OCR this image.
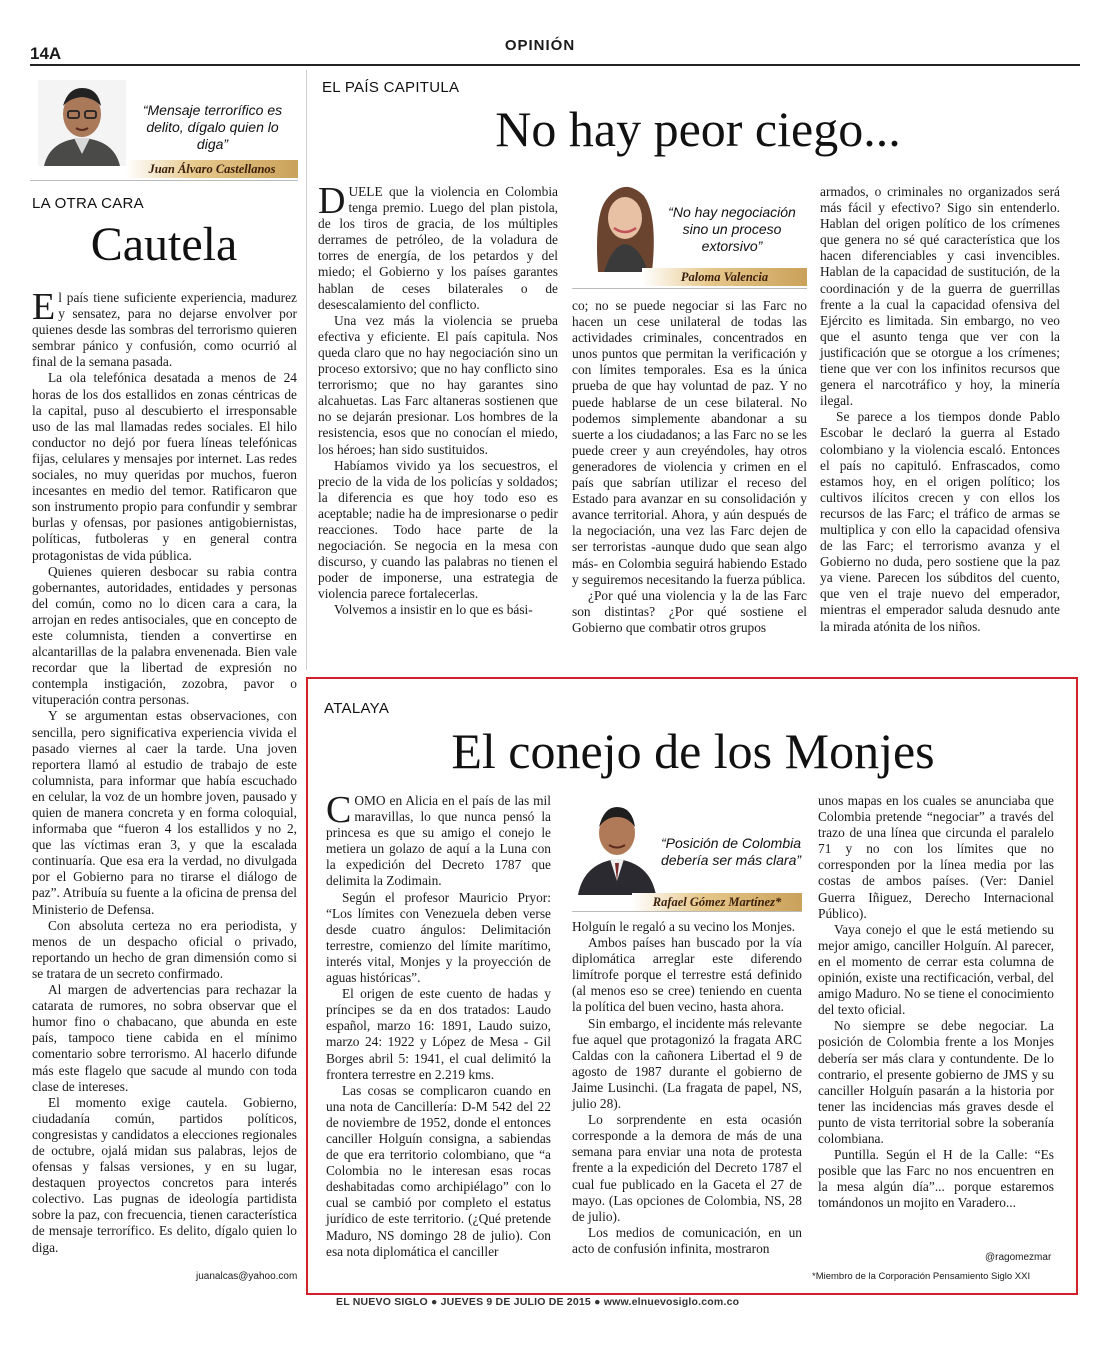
14A	OPINIÓN
“Mensaje terrorífico es delito, dígalo quien lo diga”
Juan Álvaro Castellanos
LA OTRA CARA
Cautela

El país tiene suficiente experiencia, madurez y sensatez, para no dejarse envolver por quienes desde las sombras del terrorismo quieren sembrar pánico y confusión, como ocurrió al final de la semana pasada.

La ola telefónica desatada a menos de 24 horas de los dos estallidos en zonas céntricas de la capital, puso al descubierto el irresponsable uso de las mal llamadas redes sociales. El hilo conductor no dejó por fuera líneas telefónicas fijas, celulares y mensajes por internet. Las redes sociales, no muy queridas por muchos, fueron incesantes en medio del temor. Ratificaron que son instrumento propio para confundir y sembrar burlas y ofensas, por pasiones antigobiernistas, políticas, futboleras y en general contra protagonistas de vida pública.

Quienes quieren desbocar su rabia contra gobernantes, autoridades, entidades y personas del común, como no lo dicen cara a cara, la arrojan en redes antisociales, que en concepto de este columnista, tienden a convertirse en alcantarillas de la palabra envenenada. Bien vale recordar que la libertad de expresión no contempla instigación, zozobra, pavor o vituperación contra personas.

Y se argumentan estas observaciones, con sencilla, pero significativa experiencia vivida el pasado viernes al caer la tarde. Una joven reportera llamó al estudio de trabajo de este columnista, para informar que había escuchado en celular, la voz de un hombre joven, pausado y quien de manera concreta y en forma coloquial, informaba que “fueron 4 los estallidos y no 2, que las víctimas eran 3, y que la escalada continuaría. Que esa era la verdad, no divulgada por el Gobierno para no tirarse el diálogo de paz”. Atribuía su fuente a la oficina de prensa del Ministerio de Defensa.

Con absoluta certeza no era periodista, y menos de un despacho oficial o privado, reportando un hecho de gran dimensión como si se tratara de un secreto confirmado.

Al margen de advertencias para rechazar la catarata de rumores, no sobra observar que el humor fino o chabacano, que abunda en este país, tampoco tiene cabida en el mínimo comentario sobre terrorismo. Al hacerlo difunde más este flagelo que sacude al mundo con toda clase de intereses.

El momento exige cautela. Gobierno, ciudadanía común, partidos políticos, congresistas y candidatos a elecciones regionales de octubre, ojalá midan sus palabras, lejos de ofensas y falsas versiones, y en su lugar, destaquen proyectos concretos para interés colectivo. Las pugnas de ideología partidista sobre la paz, con frecuencia, tienen característica de mensaje terrorífico. Es delito, dígalo quien lo diga.

juanalcas@yahoo.com
EL PAÍS CAPITULA
No hay peor ciego...

DUELE que la violencia en Colombia tenga premio. Luego del plan pistola, de los tiros de gracia, de los múltiples derrames de petróleo, de la voladura de torres de energía, de los petardos y del miedo; el Gobierno y los países garantes hablan de ceses bilaterales o de desescalamiento del conflicto.

Una vez más la violencia se prueba efectiva y eficiente. El país capitula. Nos queda claro que no hay negociación sino un proceso extorsivo; que no hay conflicto sino terrorismo; que no hay garantes sino alcahuetas. Las Farc altaneras sostienen que no se dejarán presionar. Los hombres de la resistencia, esos que no conocían el miedo, los héroes; han sido sustituidos.

Habíamos vivido ya los secuestros, el precio de la vida de los policías y soldados; la diferencia es que hoy todo eso es aceptable; nadie ha de impresionarse o pedir reacciones. Todo hace parte de la negociación. Se negocia en la mesa con discurso, y cuando las palabras no tienen el poder de imponerse, una estrategia de violencia parece fortalecerlas.

Volvemos a insistir en lo que es bási-

“No hay negociación sino un proceso extorsivo”
Paloma Valencia

co; no se puede negociar si las Farc no hacen un cese unilateral de todas las actividades criminales, concentrados en unos puntos que permitan la verificación y con límites temporales. Esa es la única prueba de que hay voluntad de paz. Y no puede hablarse de un cese bilateral. No podemos simplemente abandonar a su suerte a los ciudadanos; a las Farc no se les puede creer y aun creyéndoles, hay otros generadores de violencia y crimen en el país que sabrían utilizar el receso del Estado para avanzar en su consolidación y avance territorial. Ahora, y aún después de la negociación, una vez las Farc dejen de ser terroristas -aunque dudo que sean algo más- en Colombia seguirá habiendo Estado y seguiremos necesitando la fuerza pública.

¿Por qué una violencia y la de las Farc son distintas? ¿Por qué sostiene el Gobierno que combatir otros grupos

armados, o criminales no organizados será más fácil y efectivo? Sigo sin entenderlo. Hablan del origen político de los crímenes que genera no sé qué característica que los hacen diferenciables y casi invencibles. Hablan de la capacidad de sustitución, de la coordinación y de la guerra de guerrillas frente a la cual la capacidad ofensiva del Ejército es limitada. Sin embargo, no veo que el asunto tenga que ver con la justificación que se otorgue a los crímenes; tiene que ver con los infinitos recursos que genera el narcotráfico y hoy, la minería ilegal.

Se parece a los tiempos donde Pablo Escobar le declaró la guerra al Estado colombiano y la violencia escaló. Entonces el país no capituló. Enfrascados, como estamos hoy, en el origen político; los cultivos ilícitos crecen y con ellos los recursos de las Farc; el tráfico de armas se multiplica y con ello la capacidad ofensiva de las Farc; el terrorismo avanza y el Gobierno no duda, pero sostiene que la paz ya viene. Parecen los súbditos del cuento, que ven el traje nuevo del emperador, mientras el emperador saluda desnudo ante la mirada atónita de los niños.

ATALAYA
El conejo de los Monjes

COMO en Alicia en el país de las mil maravillas, lo que nunca pensó la princesa es que su amigo el conejo le metiera un golazo de aquí a la Luna con la expedición del Decreto 1787 que delimita la Zodimain.

Según el profesor Mauricio Pryor: “Los límites con Venezuela deben verse desde cuatro ángulos: Delimitación terrestre, comienzo del límite marítimo, interés vital, Monjes y la proyección de aguas históricas”.

El origen de este cuento de hadas y príncipes se da en dos tratados: Laudo español, marzo 16: 1891, Laudo suizo, marzo 24: 1922 y López de Mesa - Gil Borges abril 5: 1941, el cual delimitó la frontera terrestre en 2.219 kms.

Las cosas se complicaron cuando en una nota de Cancillería: D-M 542 del 22 de noviembre de 1952, donde el entonces canciller Holguín consigna, a sabiendas de que era territorio colombiano, que “a Colombia no le interesan esas rocas deshabitadas como archipiélago” con lo cual se cambió por completo el estatus jurídico de este territorio. (¿Qué pretende Maduro, NS domingo 28 de julio). Con esa nota diplomática el canciller

“Posición de Colombia debería ser más clara”
Rafael Gómez Martínez*

Holguín le regaló a su vecino los Monjes.

Ambos países han buscado por la vía diplomática arreglar este diferendo limítrofe porque el terrestre está definido (al menos eso se cree) teniendo en cuenta la política del buen vecino, hasta ahora.

Sin embargo, el incidente más relevante fue aquel que protagonizó la fragata ARC Caldas con la cañonera Libertad el 9 de agosto de 1987 durante el gobierno de Jaime Lusinchi. (La fragata de papel, NS, julio 28).

Lo sorprendente en esta ocasión corresponde a la demora de más de una semana para enviar una nota de protesta frente a la expedición del Decreto 1787 el cual fue publicado en la Gaceta el 27 de mayo. (Las opciones de Colombia, NS, 28 de julio).

Los medios de comunicación, en un acto de confusión infinita, mostraron

unos mapas en los cuales se anunciaba que Colombia pretende “negociar” a través del trazo de una línea que circunda el paralelo 71 y no con los límites que no corresponden por la línea media por las costas de ambos países. (Ver: Daniel Guerra Iñiguez, Derecho Internacional Público).

Vaya conejo el que le está metiendo su mejor amigo, canciller Holguín. Al parecer, en el momento de cerrar esta columna de opinión, existe una rectificación, verbal, del amigo Maduro. No se tiene el conocimiento del texto oficial.

No siempre se debe negociar. La posición de Colombia frente a los Monjes debería ser más clara y contundente. De lo contrario, el presente gobierno de JMS y su canciller Holguín pasarán a la historia por tener las incidencias más graves desde el punto de vista territorial sobre la soberanía colombiana.

Puntilla. Según el H de la Calle: “Es posible que las Farc no nos encuentren en la mesa algún día”... porque estaremos tomándonos un mojito en Varadero...

@ragomezmar
*Miembro de la Corporación Pensamiento Siglo XXI
EL NUEVO SIGLO ● JUEVES 9 DE JULIO DE 2015 ● www.elnuevosiglo.com.co
